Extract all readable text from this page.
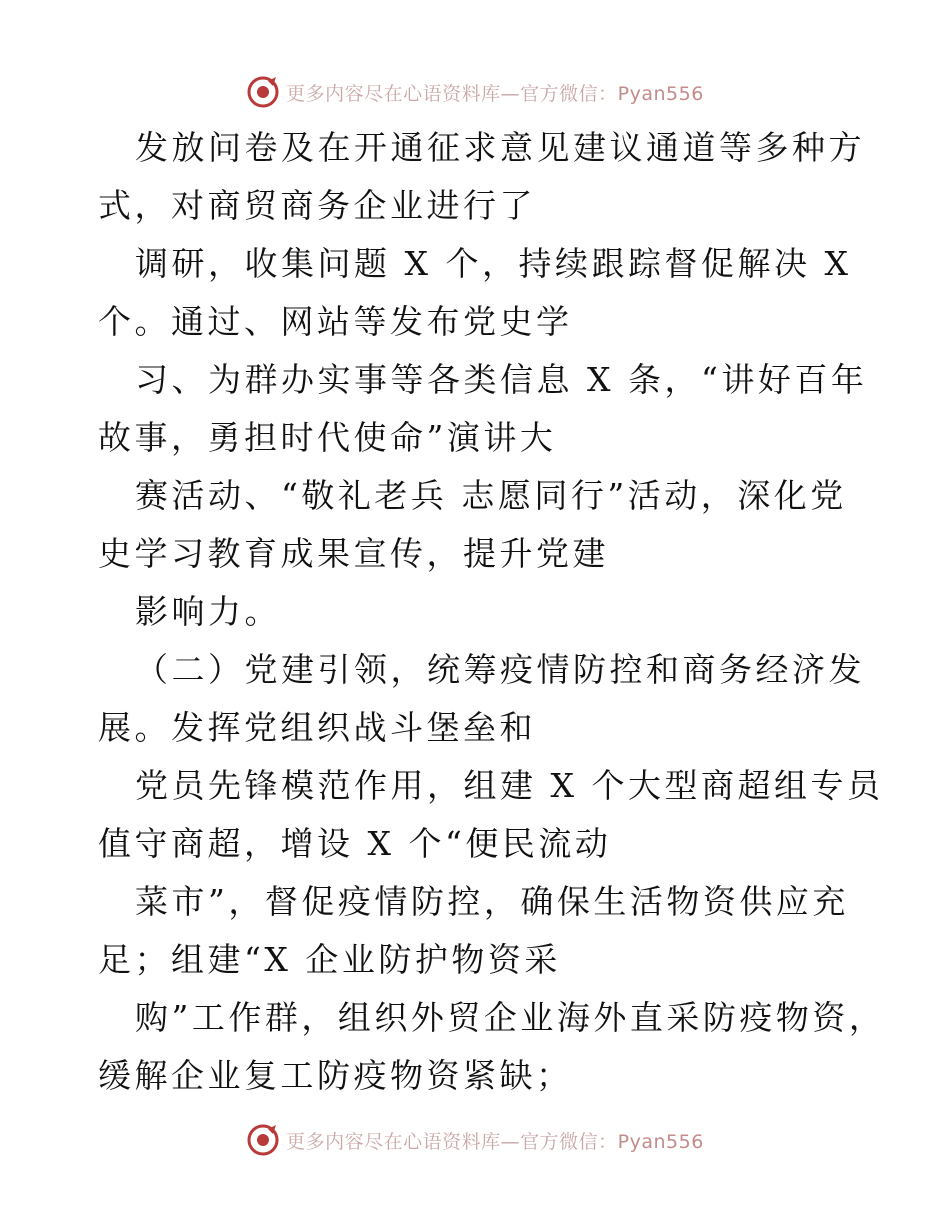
更多内容尽在心语资料库—官方微信：Pyan556
发放问卷及在开通征求意见建议通道等多种方
式，对商贸商务企业进行了
调研，收集问题 X 个，持续跟踪督促解决 X
个。通过、网站等发布党史学
习、为群办实事等各类信息 X 条，“讲好百年
故事，勇担时代使命”演讲大
赛活动、“敬礼老兵 志愿同行”活动，深化党
史学习教育成果宣传，提升党建
影响力。
（二）党建引领，统筹疫情防控和商务经济发
展。发挥党组织战斗堡垒和
党员先锋模范作用，组建 X 个大型商超组专员
值守商超，增设 X 个“便民流动
菜市”，督促疫情防控，确保生活物资供应充
足；组建“X 企业防护物资采
购”工作群，组织外贸企业海外直采防疫物资，
缓解企业复工防疫物资紧缺；
更多内容尽在心语资料库—官方微信：Pyan556
